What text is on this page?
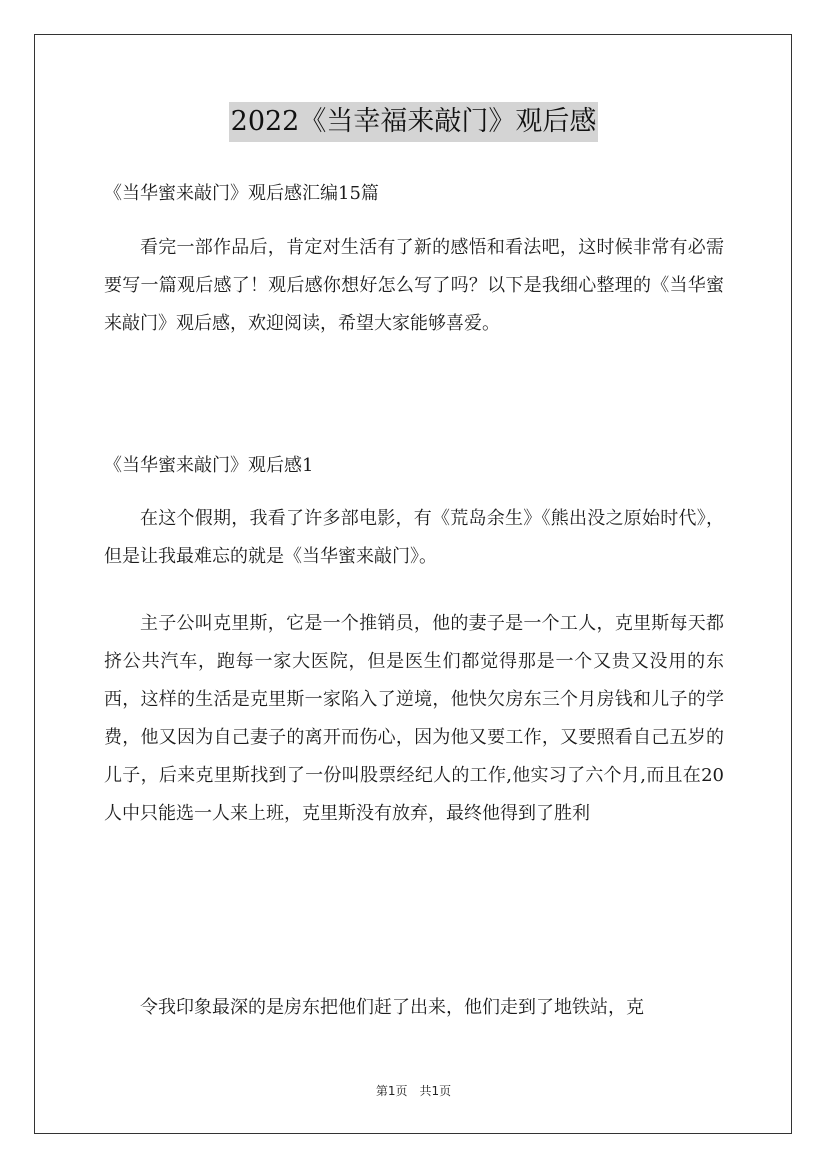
2022《当幸福来敲门》观后感
《当华蜜来敲门》观后感汇编15篇
看完一部作品后，肯定对生活有了新的感悟和看法吧，这时候非常有必需要写一篇观后感了！观后感你想好怎么写了吗？以下是我细心整理的《当华蜜来敲门》观后感，欢迎阅读，希望大家能够喜爱。
《当华蜜来敲门》观后感1
在这个假期，我看了许多部电影，有《荒岛余生》《熊出没之原始时代》，但是让我最难忘的就是《当华蜜来敲门》。
主子公叫克里斯，它是一个推销员，他的妻子是一个工人，克里斯每天都挤公共汽车，跑每一家大医院，但是医生们都觉得那是一个又贵又没用的东西，这样的生活是克里斯一家陷入了逆境，他快欠房东三个月房钱和儿子的学费，他又因为自己妻子的离开而伤心，因为他又要工作，又要照看自己五岁的儿子，后来克里斯找到了一份叫股票经纪人的工作,他实习了六个月,而且在20人中只能选一人来上班，克里斯没有放弃，最终他得到了胜利
令我印象最深的是房东把他们赶了出来，他们走到了地铁站，克
第1页　共1页
